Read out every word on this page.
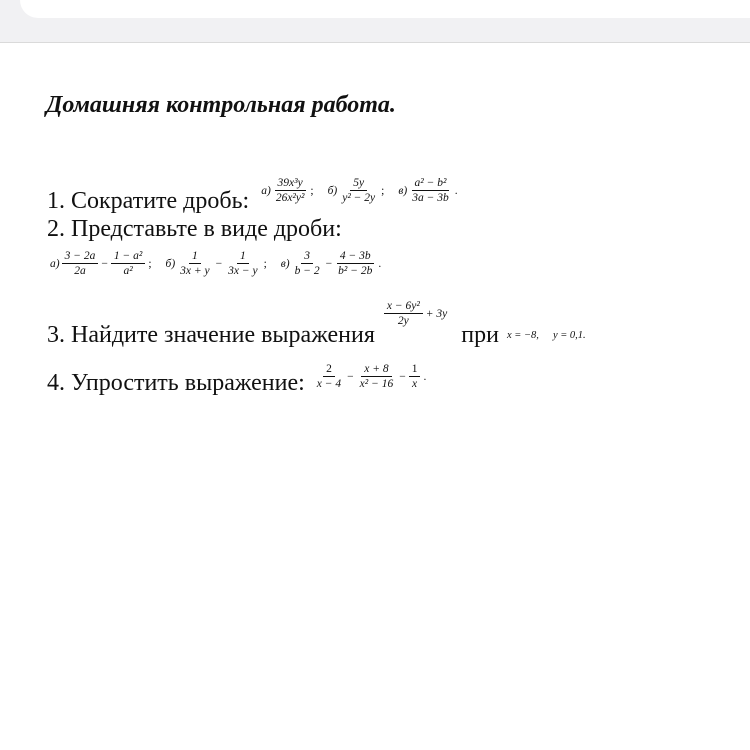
Домашняя контрольная работа.
1. Сократите дробь: $а) \frac{\text{39x³y}}{\text{26x²y²}}$ ; $б) \frac{5y}{\text{y² − 2y}}$ ; $в) \frac{\text{a² − b²}}{3a - 3b}$ .
2. Представьте в виде дроби:
$а) \frac{3 - 2a}{2a} - \frac{\text{1 − a²}}{\text{a²}}$ ; $б) \frac{1}{3x + y} - \frac{1}{3x - y}$ ; $в) \frac{3}{b - 2} - \frac{4 - 3b}{\text{b² − 2b}}$ .
3. Найдите значение выражения
$\frac{\text{x − 6y²}}{2y} + 3y$
при x = −8, y = 0,1.
4. Упростить выражение: $\frac{2}{x - 4} - \frac{x + 8}{\text{x² − 16}} - \frac{1}{x}$ .
